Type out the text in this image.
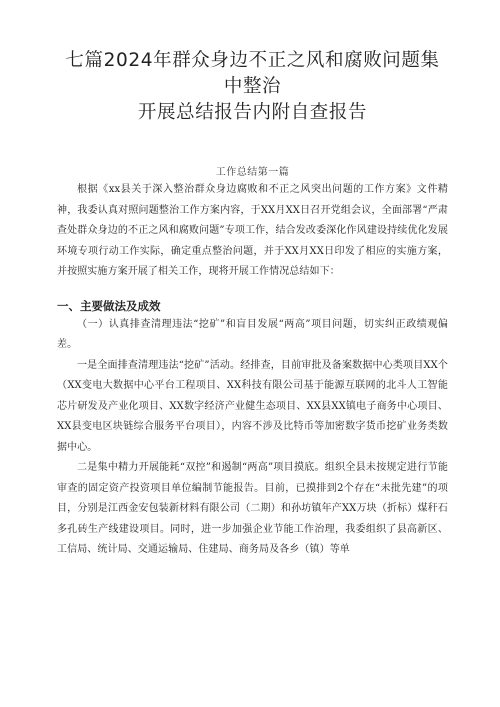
七篇2024年群众身边不正之风和腐败问题集中整治
开展总结报告内附自查报告
工作总结第一篇

根据《xx县关于深入整治群众身边腐败和不正之风突出问题的工作方案》文件精神，我委认真对照问题整治工作方案内容，于XX月XX日召开党组会议，全面部署“严肃查处群众身边的不正之风和腐败问题”专项工作，结合发改委深化作风建设持续优化发展环境专项行动工作实际，确定重点整治问题，并于XX月XX日印发了相应的实施方案，并按照实施方案开展了相关工作，现将开展工作情况总结如下：

一、主要做法及成效

（一）认真排查清理违法“挖矿”和盲目发展“两高”项目问题，切实纠正政绩观偏差。

一是全面排查清理违法“挖矿”活动。经排查，目前审批及备案数据中心类项目XX个（XX变电大数据中心平台工程项目、XX科技有限公司基于能源互联网的北斗人工智能芯片研发及产业化项目、XX数字经济产业健生态项目、XX县XX镇电子商务中心项目、XX县变电区块链综合服务平台项目），内容不涉及比特币等加密数字货币挖矿业务类数据中心。

二是集中精力开展能耗“双控”和遏制“两高”项目摸底。组织全县未按规定进行节能审查的固定资产投资项目单位编制节能报告。目前，已摸排到2个存在“未批先建”的项目，分别是江西金安包装新材料有限公司（二期）和孙坊镇年产XX万块（折标）煤秆石多孔砖生产线建设项目。同时，进一步加强企业节能工作治理，我委组织了县高新区、工信局、统计局、交通运输局、住建局、商务局及各乡（镇）等单
